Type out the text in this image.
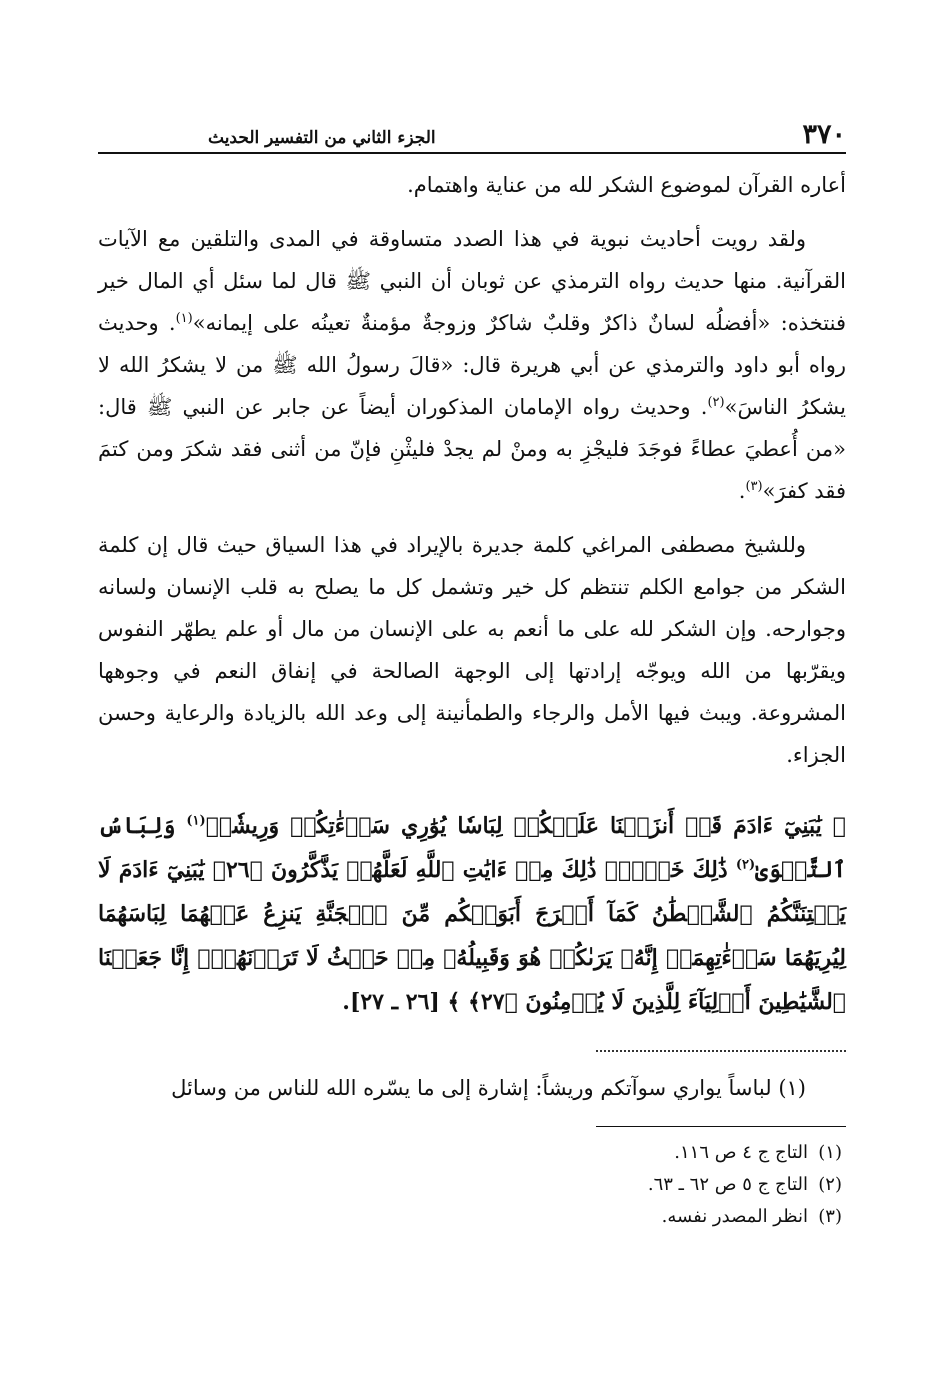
٣٧٠
الجزء الثاني من التفسير الحديث

أعاره القرآن لموضوع الشكر لله من عناية واهتمام.

ولقد رويت أحاديث نبوية في هذا الصدد متساوقة في المدى والتلقين مع الآيات القرآنية. منها حديث رواه الترمذي عن ثوبان أن النبي ﷺ قال لما سئل أي المال خير فنتخذه: «أفضلُه لسانٌ ذاكرٌ وقلبٌ شاكرٌ وزوجةٌ مؤمنةٌ تعينُه على إيمانه»$^{(١)}$. وحديث رواه أبو داود والترمذي عن أبي هريرة قال: «قالَ رسولُ الله ﷺ من لا يشكرُ الله لا يشكرُ الناسَ»$^{(٢)}$. وحديث رواه الإمامان المذكوران أيضاً عن جابر عن النبي ﷺ قال: «من أُعطيَ عطاءً فوجَدَ فليجْزِ به ومنْ لم يجدْ فليثْنِ فإنّ من أثنى فقد شكرَ ومن كتمَ فقد كفرَ»$^{(٣)}$.

وللشيخ مصطفى المراغي كلمة جديرة بالإيراد في هذا السياق حيث قال إن كلمة الشكر من جوامع الكلم تنتظم كل خير وتشمل كل ما يصلح به قلب الإنسان ولسانه وجوارحه. وإن الشكر لله على ما أنعم به على الإنسان من مال أو علم يطهّر النفوس ويقرّبها من الله ويوجّه إرادتها إلى الوجهة الصالحة في إنفاق النعم في وجوهها المشروعة. ويبث فيها الأمل والرجاء والطمأنينة إلى وعد الله بالزيادة والرعاية وحسن الجزاء.

﴿ يَٰبَنِيٓ ءَادَمَ قَدۡ أَنزَلۡنَا عَلَيۡكُمۡ لِبَاسٗا يُوَٰرِي سَوۡءَٰتِكُمۡ وَرِيشٗاۖ$^{(١)}$ وَلِبَاسُ ٱلتَّقۡوَىٰ$^{(٢)}$ ذَٰلِكَ خَيۡرٞۚ ذَٰلِكَ مِنۡ ءَايَٰتِ ٱللَّهِ لَعَلَّهُمۡ يَذَّكَّرُونَ ﴿٢٦﴾ يَٰبَنِيٓ ءَادَمَ لَا يَفۡتِنَنَّكُمُ ٱلشَّيۡطَٰنُ كَمَآ أَخۡرَجَ أَبَوَيۡكُم مِّنَ ٱلۡجَنَّةِ يَنزِعُ عَنۡهُمَا لِبَاسَهُمَا لِيُرِيَهُمَا سَوۡءَٰتِهِمَآۚ إِنَّهُۥ يَرَىٰكُمۡ هُوَ وَقَبِيلُهُۥ مِنۡ حَيۡثُ لَا تَرَوۡنَهُمۡۗ إِنَّا جَعَلۡنَا ٱلشَّيَٰطِينَ أَوۡلِيَآءَ لِلَّذِينَ لَا يُؤۡمِنُونَ ﴿٢٧﴾ ﴾ [٢٦ ـ ٢٧].

(١) لباساً يواري سوآتكم وريشاً: إشارة إلى ما يسّره الله للناس من وسائل

(١)التاج ج ٤ ص ١١٦.
(٢)التاج ج ٥ ص ٦٢ ـ ٦٣.
(٣)انظر المصدر نفسه.
